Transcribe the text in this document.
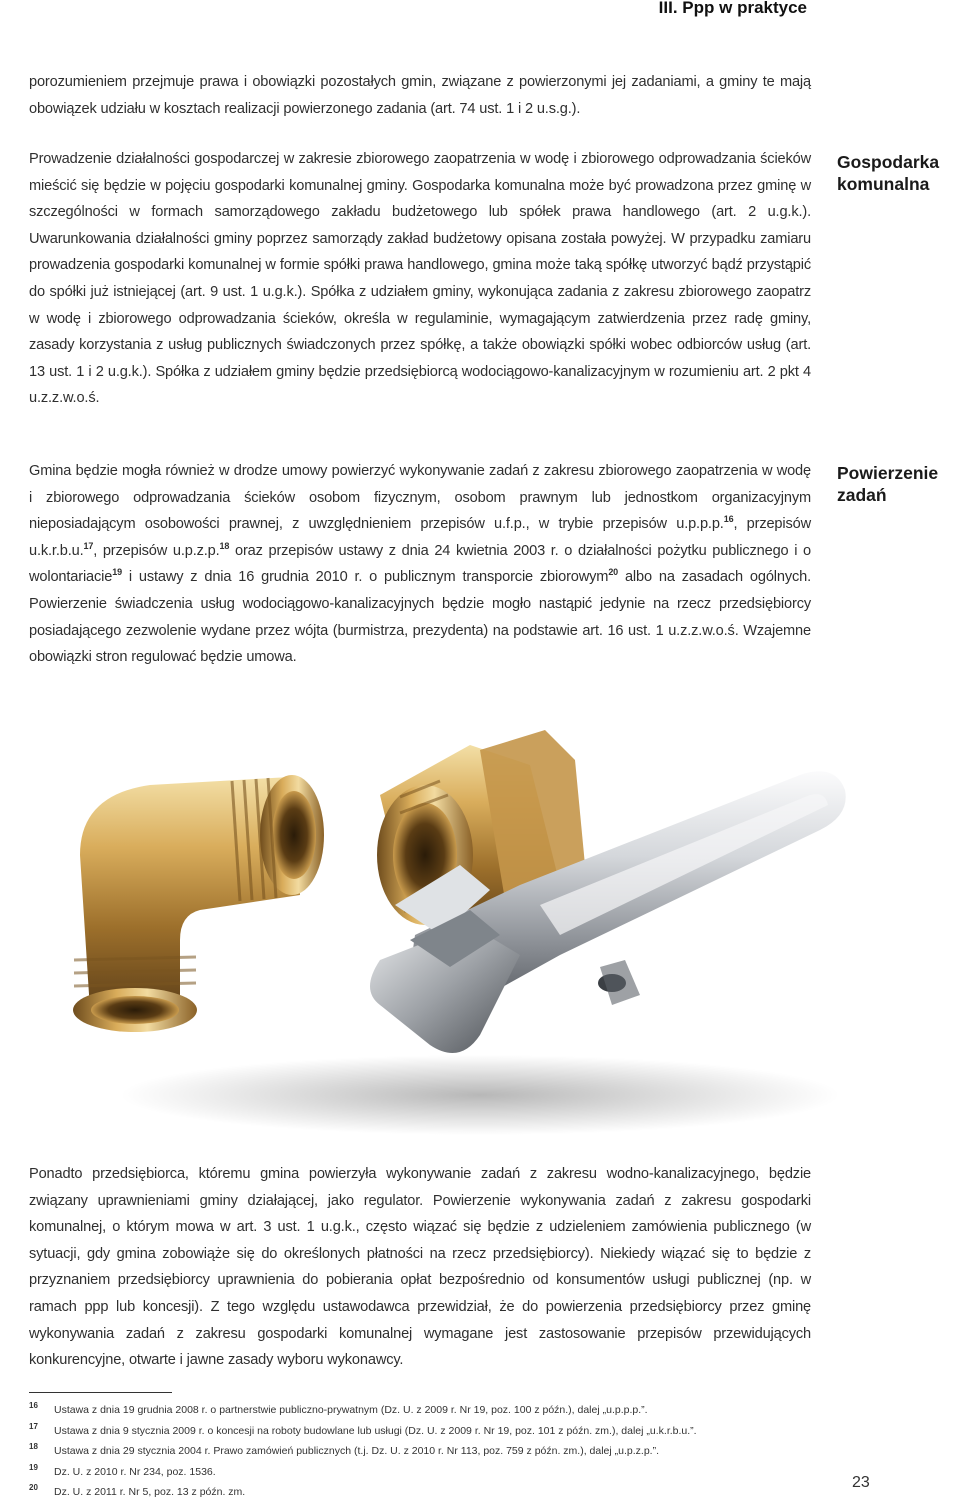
III. Ppp w praktyce
porozumieniem przejmuje prawa i obowiązki pozostałych gmin, związane z powierzonymi jej zadaniami, a gminy te mają obowiązek udziału w kosztach realizacji powierzonego zadania (art. 74 ust. 1 i 2 u.s.g.).
Prowadzenie działalności gospodarczej w zakresie zbiorowego zaopatrzenia w wodę i zbiorowego odprowadzania ścieków mieścić się będzie w pojęciu gospodarki komunalnej gminy. Gospodarka komunalna może być prowadzona przez gminę w szczególności w formach samorządowego zakładu budżetowego lub spółek prawa handlowego (art. 2 u.g.k.). Uwarunkowania działalności gminy poprzez samorządy zakład budżetowy opisana została powyżej. W przypadku zamiaru prowadzenia gospodarki komunalnej w formie spółki prawa handlowego, gmina może taką spółkę utworzyć bądź przystąpić do spółki już istniejącej (art. 9 ust. 1 u.g.k.). Spółka z udziałem gminy, wykonująca zadania z zakresu zbiorowego zaopatrz w wodę i zbiorowego odprowadzania ścieków, określa w regulaminie, wymagającym zatwierdzenia przez radę gminy, zasady korzystania z usług publicznych świadczonych przez spółkę, a także obowiązki spółki wobec odbiorców usług (art. 13 ust. 1 i 2 u.g.k.). Spółka z udziałem gminy będzie przedsiębiorcą wodociągowo-kanalizacyjnym w rozumieniu art. 2 pkt 4 u.z.z.w.o.ś.
Gospodarka komunalna
Gmina będzie mogła również w drodze umowy powierzyć wykonywanie zadań z zakresu zbiorowego zaopatrzenia w wodę i zbiorowego odprowadzania ścieków osobom fizycznym, osobom prawnym lub jednostkom organizacyjnym nieposiadającym osobowości prawnej, z uwzględnieniem przepisów u.f.p., w trybie przepisów u.p.p.p.$^{16}$, przepisów u.k.r.b.u.$^{17}$, przepisów u.p.z.p.$^{18}$ oraz przepisów ustawy z dnia 24 kwietnia 2003 r. o działalności pożytku publicznego i o wolontariacie$^{19}$ i ustawy z dnia 16 grudnia 2010 r. o publicznym transporcie zbiorowym$^{20}$ albo na zasadach ogólnych. Powierzenie świadczenia usług wodociągowo-kanalizacyjnych będzie mogło nastąpić jedynie na rzecz przedsiębiorcy posiadającego zezwolenie wydane przez wójta (burmistrza, prezydenta) na podstawie art. 16 ust. 1 u.z.z.w.o.ś. Wzajemne obowiązki stron regulować będzie umowa.
Powierzenie zadań
Ponadto przedsiębiorca, któremu gmina powierzyła wykonywanie zadań z zakresu wodno-kanalizacyjnego, będzie związany uprawnieniami gminy działającej, jako regulator. Powierzenie wykonywania zadań z zakresu gospodarki komunalnej, o którym mowa w art. 3 ust. 1 u.g.k., często wiązać się będzie z udzieleniem zamówienia publicznego (w sytuacji, gdy gmina zobowiąże się do określonych płatności na rzecz przedsiębiorcy). Niekiedy wiązać się to będzie z przyznaniem przedsiębiorcy uprawnienia do pobierania opłat bezpośrednio od konsumentów usługi publicznej (np. w ramach ppp lub koncesji). Z tego względu ustawodawca przewidział, że do powierzenia przedsiębiorcy przez gminę wykonywania zadań z zakresu gospodarki komunalnej wymagane jest zastosowanie przepisów przewidujących konkurencyjne, otwarte i jawne zasady wyboru wykonawcy.
16 Ustawa z dnia 19 grudnia 2008 r. o partnerstwie publiczno-prywatnym (Dz. U. z 2009 r. Nr 19, poz. 100 z późn.), dalej „u.p.p.p.”.
17 Ustawa z dnia 9 stycznia 2009 r. o koncesji na roboty budowlane lub usługi (Dz. U. z 2009 r. Nr 19, poz. 101 z późn. zm.), dalej „u.k.r.b.u.”.
18 Ustawa z dnia 29 stycznia 2004 r. Prawo zamówień publicznych (t.j. Dz. U. z 2010 r. Nr 113, poz. 759 z późn. zm.), dalej „u.p.z.p.”.
19 Dz. U. z 2010 r. Nr 234, poz. 1536.
20 Dz. U. z 2011 r. Nr 5, poz. 13 z późn. zm.
23
